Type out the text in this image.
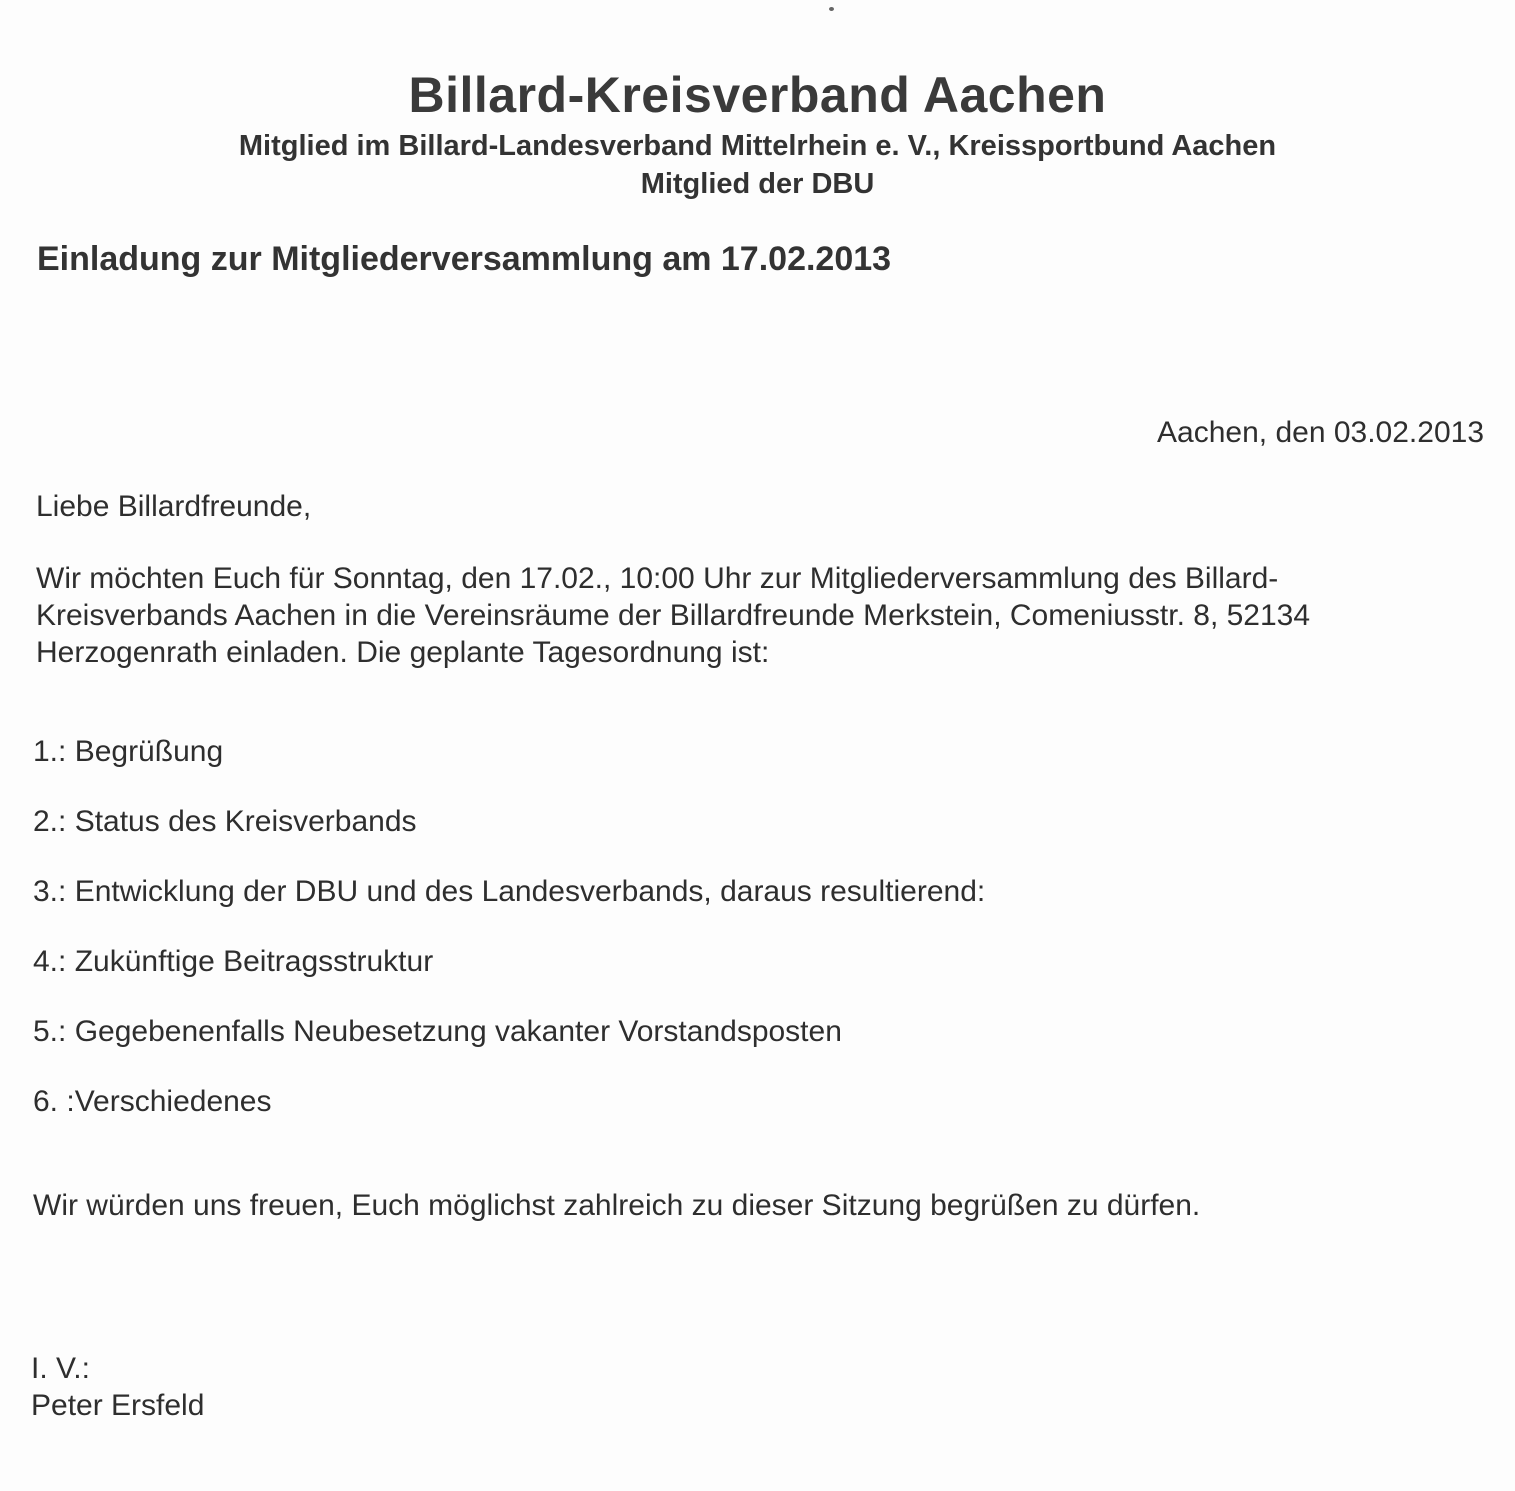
Billard-Kreisverband Aachen
Mitglied im Billard-Landesverband Mittelrhein e. V., Kreissportbund Aachen
Mitglied der DBU
Einladung zur Mitgliederversammlung am 17.02.2013
Aachen, den 03.02.2013
Liebe Billardfreunde,
Wir möchten Euch für Sonntag, den 17.02., 10:00 Uhr zur Mitgliederversammlung des Billard-
Kreisverbands Aachen in die Vereinsräume der Billardfreunde Merkstein, Comeniusstr. 8, 52134
Herzogenrath einladen. Die geplante Tagesordnung ist:
1.: Begrüßung
2.: Status des Kreisverbands
3.: Entwicklung der DBU und des Landesverbands, daraus resultierend:
4.: Zukünftige Beitragsstruktur
5.: Gegebenenfalls Neubesetzung vakanter Vorstandsposten
6. :Verschiedenes
Wir würden uns freuen, Euch möglichst zahlreich zu dieser Sitzung begrüßen zu dürfen.
I. V.:
Peter Ersfeld
